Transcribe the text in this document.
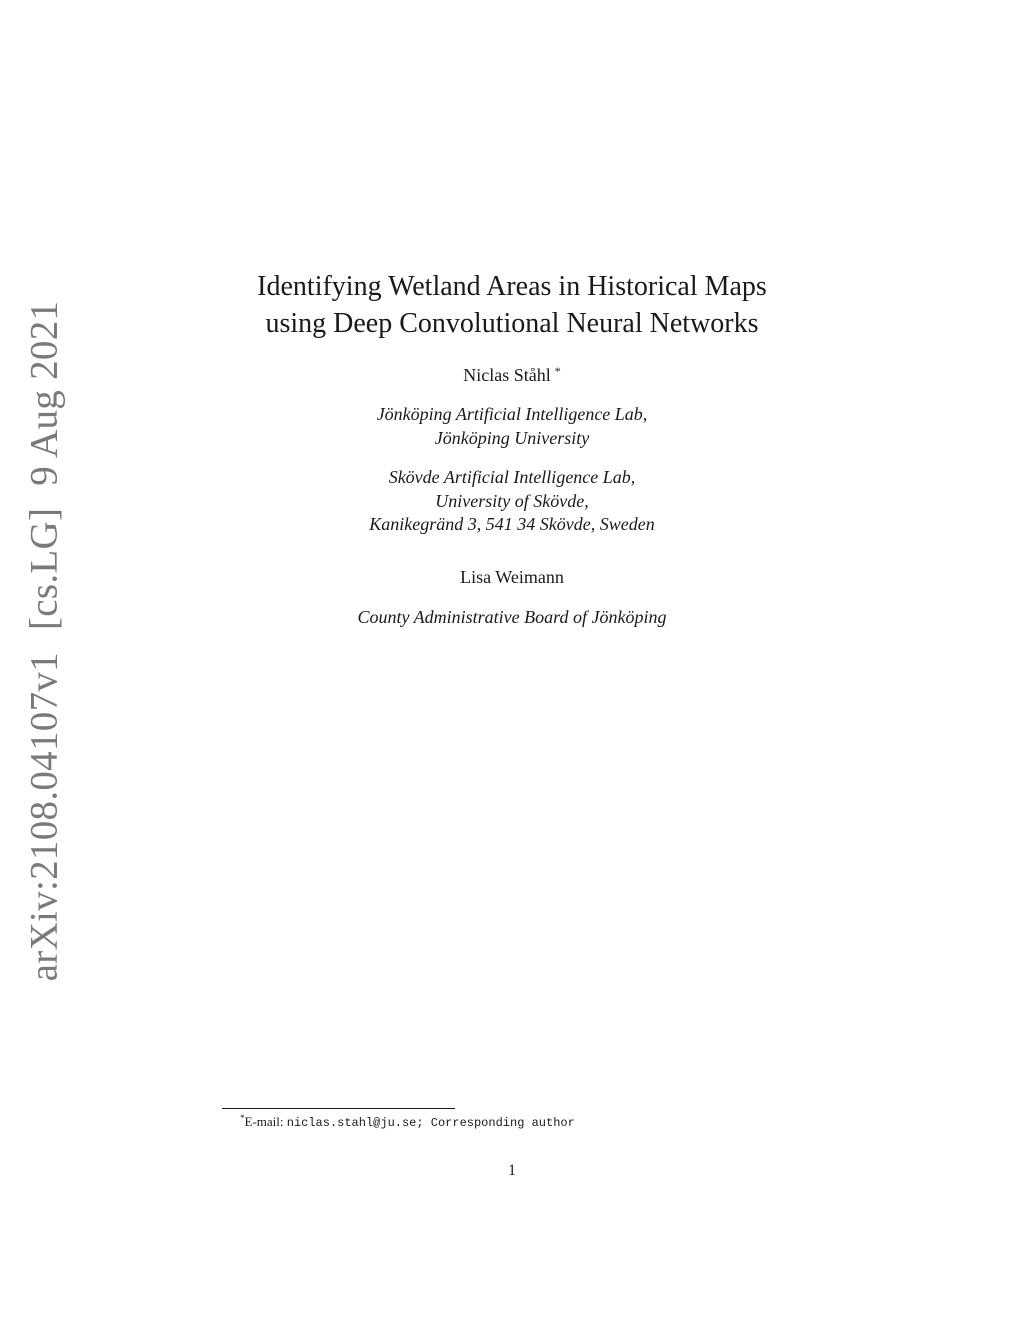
arXiv:2108.04107v1[cs.LG]9 Aug 2021
Identifying Wetland Areas in Historical Maps
using Deep Convolutional Neural Networks
Niclas Ståhl *
Jönköping Artificial Intelligence Lab,
Jönköping University
Skövde Artificial Intelligence Lab,
University of Skövde,
Kanikegränd 3, 541 34 Skövde, Sweden
Lisa Weimann
County Administrative Board of Jönköping
*E-mail: niclas.stahl@ju.se; Corresponding author
1
